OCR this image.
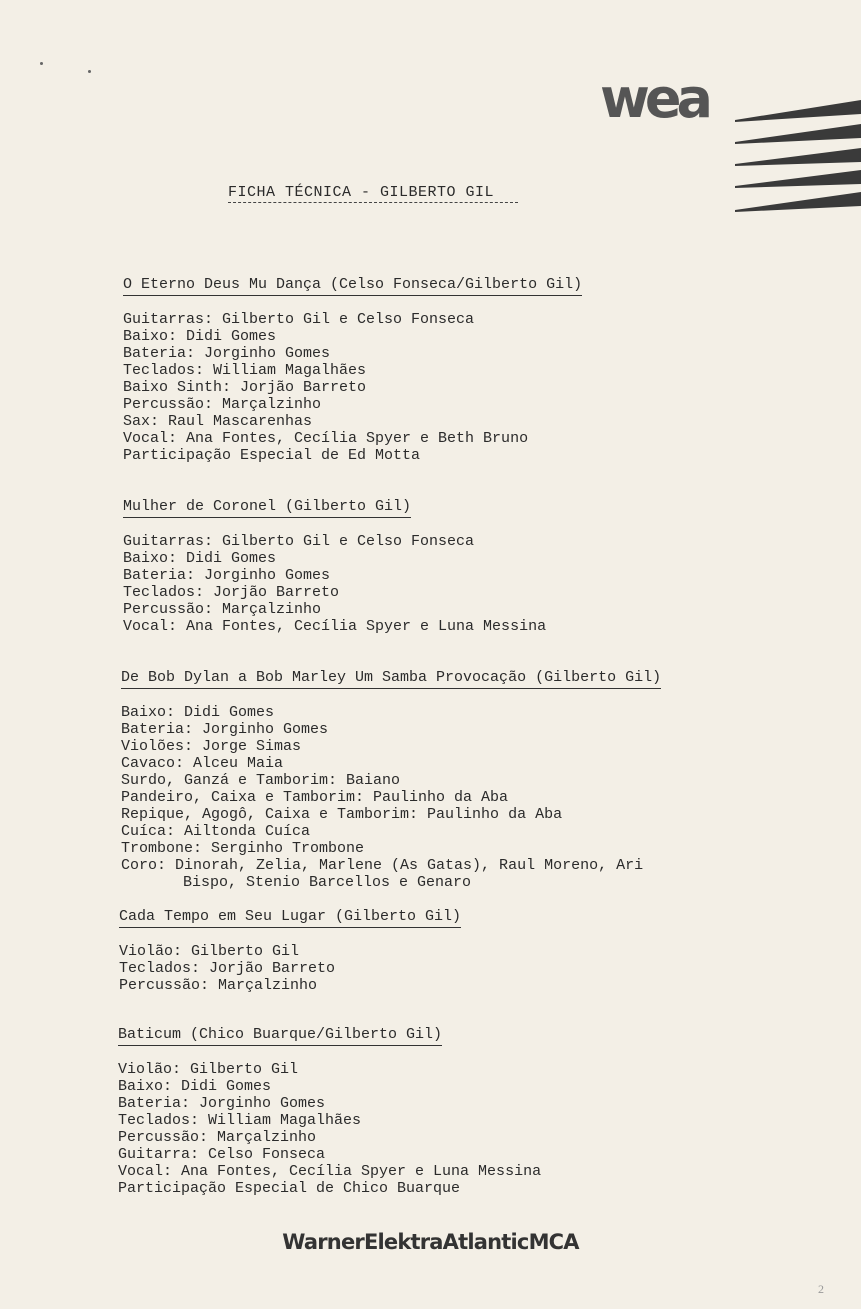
wea
FICHA TÉCNICA - GILBERTO GIL
O Eterno Deus Mu Dança (Celso Fonseca/Gilberto Gil)
Guitarras: Gilberto Gil e Celso Fonseca
Baixo: Didi Gomes
Bateria: Jorginho Gomes
Teclados: William Magalhães
Baixo Sinth: Jorjão Barreto
Percussão: Marçalzinho
Sax: Raul Mascarenhas
Vocal: Ana Fontes, Cecília Spyer e Beth Bruno
Participação Especial de Ed Motta
Mulher de Coronel (Gilberto Gil)
Guitarras: Gilberto Gil e Celso Fonseca
Baixo: Didi Gomes
Bateria: Jorginho Gomes
Teclados: Jorjão Barreto
Percussão: Marçalzinho
Vocal: Ana Fontes, Cecília Spyer e Luna Messina
De Bob Dylan a Bob Marley Um Samba Provocação (Gilberto Gil)
Baixo: Didi Gomes
Bateria: Jorginho Gomes
Violões: Jorge Simas
Cavaco: Alceu Maia
Surdo, Ganzá e Tamborim: Baiano
Pandeiro, Caixa e Tamborim: Paulinho da Aba
Repique, Agogô, Caixa e Tamborim: Paulinho da Aba
Cuíca: Ailtonda Cuíca
Trombone: Serginho Trombone
Coro: Dinorah, Zelia, Marlene (As Gatas), Raul Moreno, Ari
Bispo, Stenio Barcellos e Genaro
Cada Tempo em Seu Lugar (Gilberto Gil)
Violão: Gilberto Gil
Teclados: Jorjão Barreto
Percussão: Marçalzinho
Baticum (Chico Buarque/Gilberto Gil)
Violão: Gilberto Gil
Baixo: Didi Gomes
Bateria: Jorginho Gomes
Teclados: William Magalhães
Percussão: Marçalzinho
Guitarra: Celso Fonseca
Vocal: Ana Fontes, Cecília Spyer e Luna Messina
Participação Especial de Chico Buarque
WarnerElektraAtlanticMCA
2
